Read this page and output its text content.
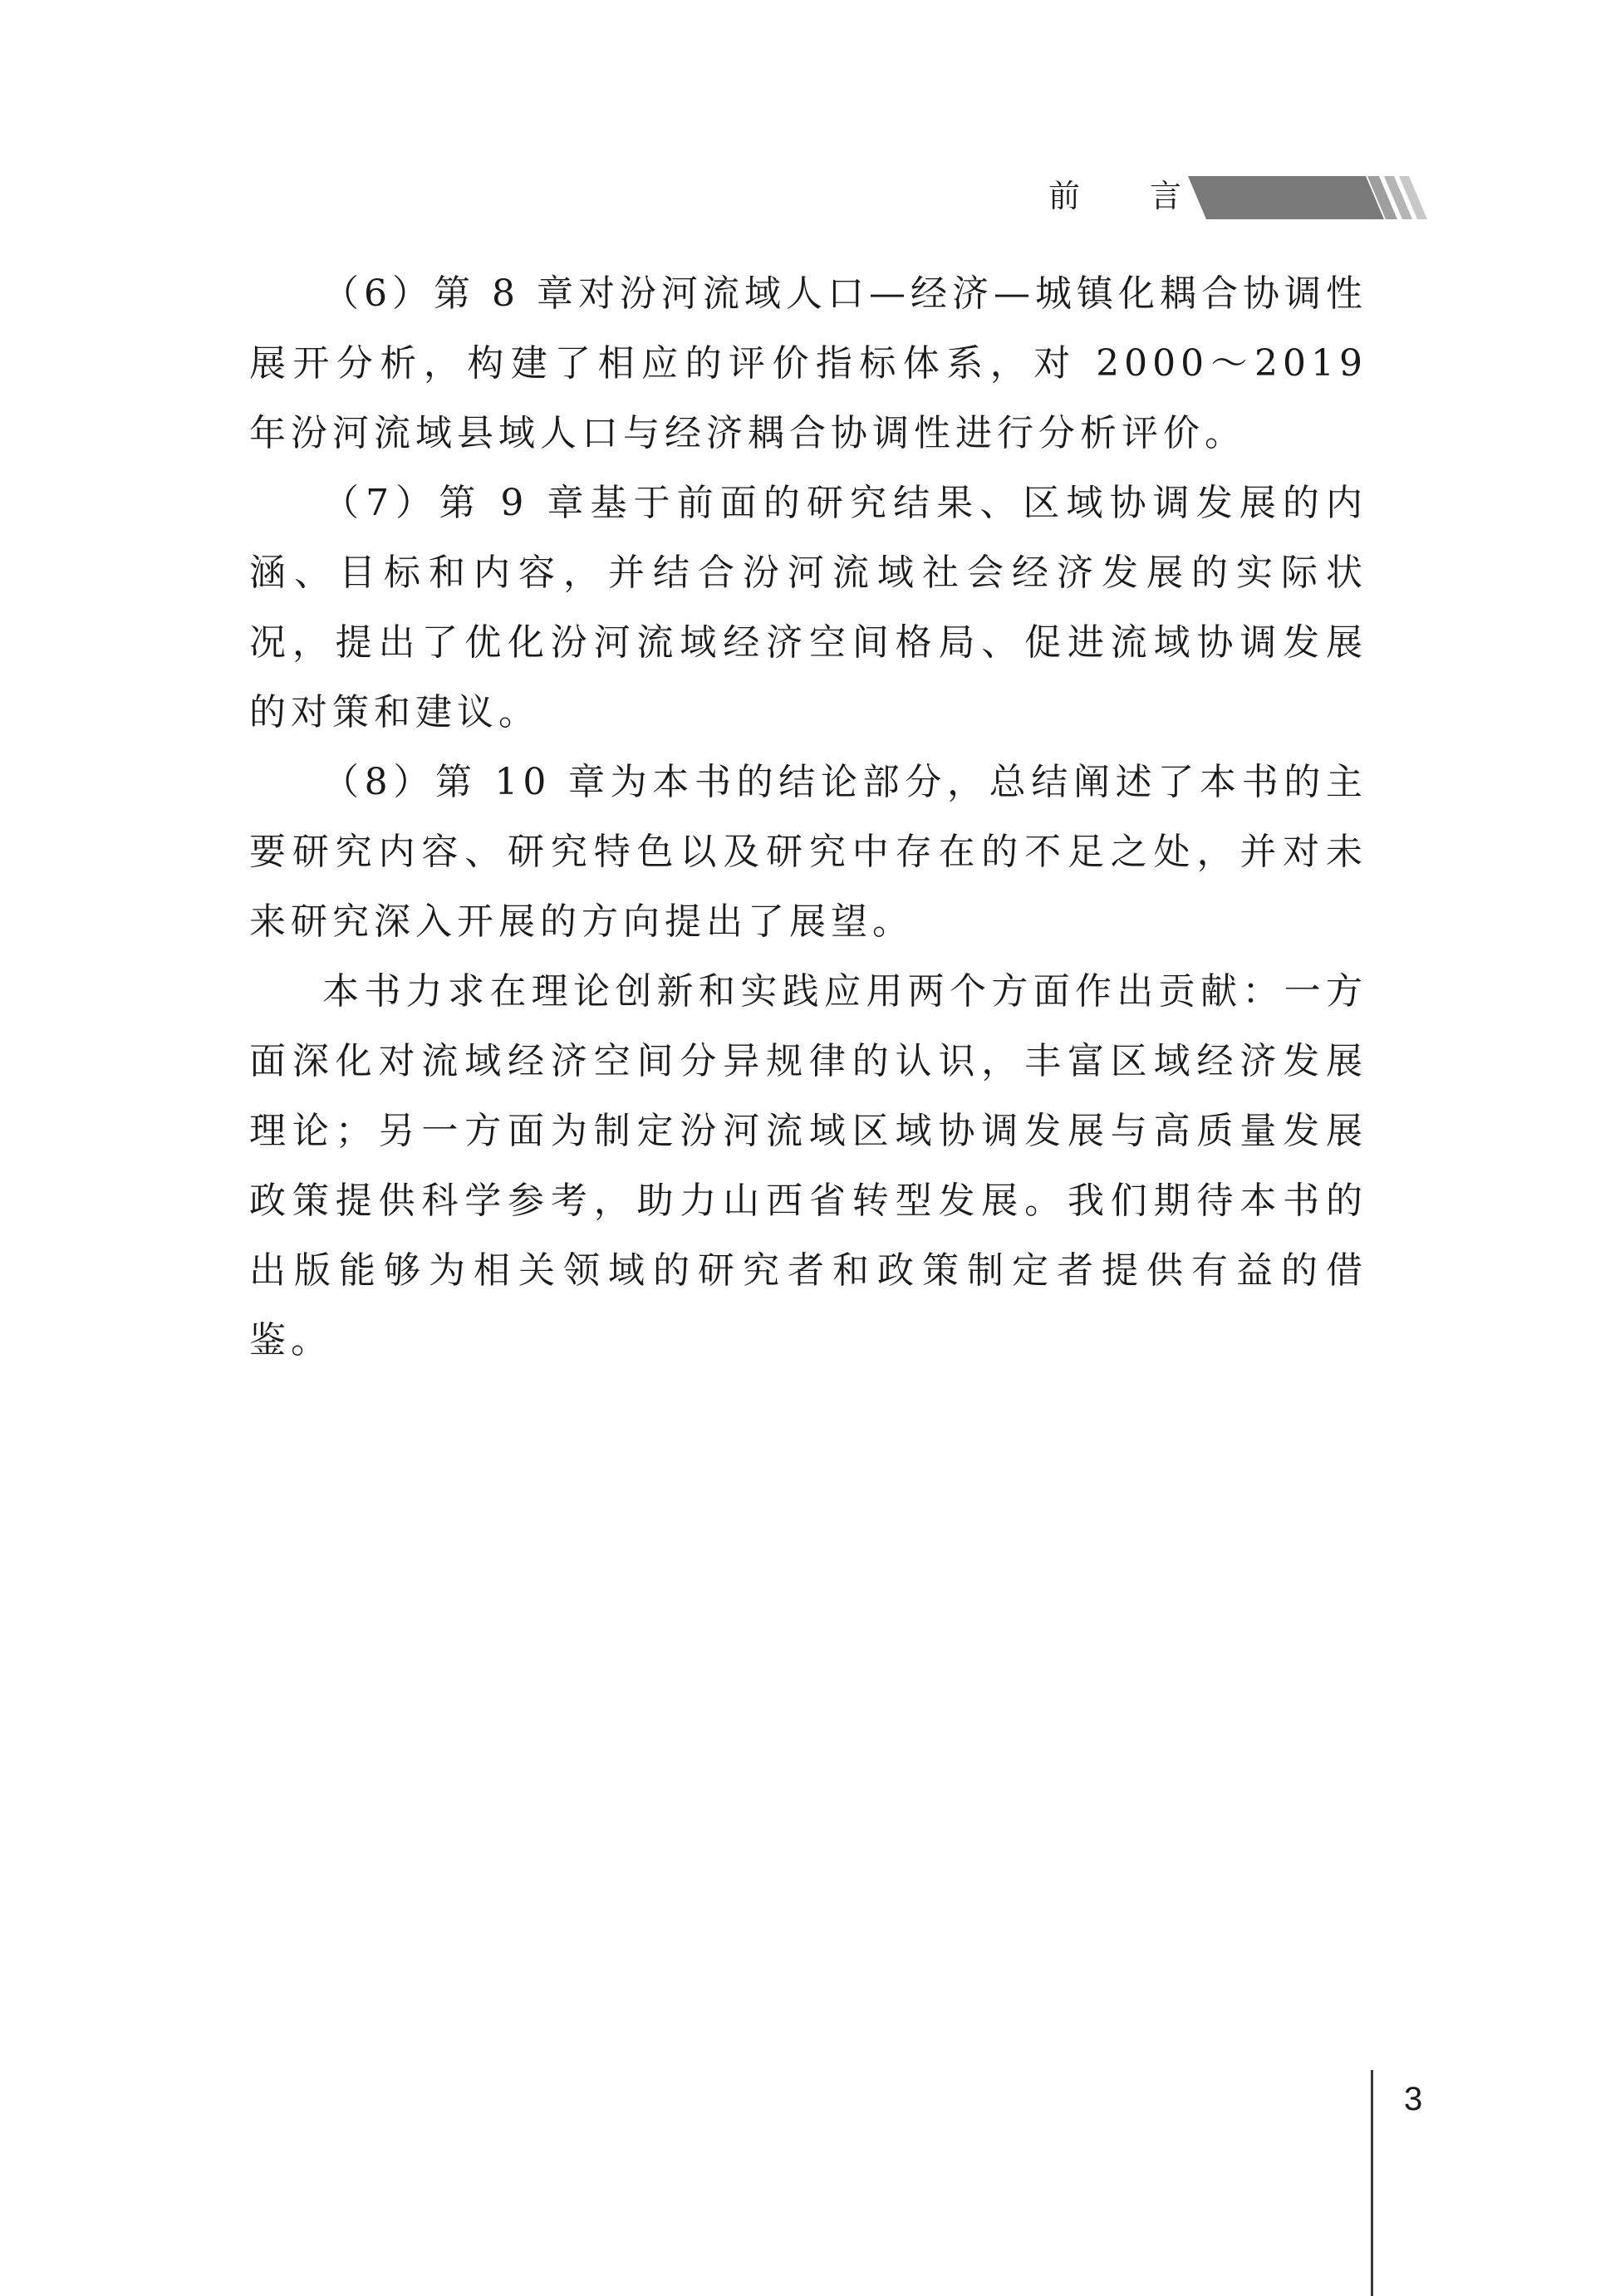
前 言

（6）第 8 章对汾河流域人口—经济—城镇化耦合协调性展开分析，构建了相应的评价指标体系，对 2000～2019 年汾河流域县域人口与经济耦合协调性进行分析评价。

（7）第 9 章基于前面的研究结果、区域协调发展的内涵、目标和内容，并结合汾河流域社会经济发展的实际状况，提出了优化汾河流域经济空间格局、促进流域协调发展的对策和建议。

（8）第 10 章为本书的结论部分，总结阐述了本书的主要研究内容、研究特色以及研究中存在的不足之处，并对未来研究深入开展的方向提出了展望。

本书力求在理论创新和实践应用两个方面作出贡献：一方面深化对流域经济空间分异规律的认识，丰富区域经济发展理论；另一方面为制定汾河流域区域协调发展与高质量发展政策提供科学参考，助力山西省转型发展。我们期待本书的出版能够为相关领域的研究者和政策制定者提供有益的借鉴。

3
